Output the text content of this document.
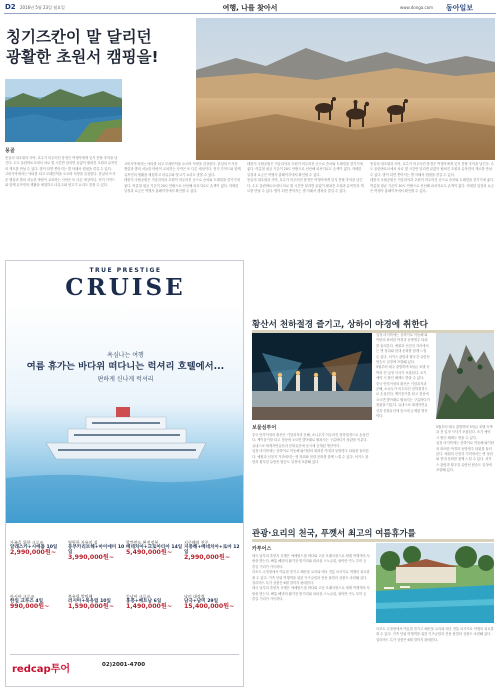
D2 2016년 5월 23일 월요일	여행, 나를 찾아서	www.donga.com 동아일보
칭기즈칸이 말 달리던
광활한 초원서 캠핑을!
몽골

몽골의 대초원과 사막, 호수가 어우러진 풍경은 여행자에게 잊지 못할 추억을 남긴다. 수도 울란바토르에서 차로 몇 시간만 달리면 끝없이 펼쳐진 초원과 유목민의 게르를 만날 수 있다. 밤이 되면 쏟아지는 별 아래서 캠핑을 즐길 수 있다.

고비사막에서는 낙타를 타고 모래언덕을 오르며 석양을 감상한다. 한낮의 뜨거운 햇살과 밤의 서늘한 바람이 교차하는 사막은 또 다른 세상이다. 현지 가이드와 함께 유목민의 생활을 체험하고 마유주와 양고기 요리도 맛볼 수 있다.

고비사막에서는 낙타를 타고 모래언덕을 오르며 석양을 감상한다. 한낮의 뜨거운 햇살과 밤의 서늘한 바람이 교차하는 사막은 또 다른 세상이다. 현지 가이드와 함께 유목민의 생활을 체험하고 마유주와 양고기 요리도 맛볼 수 있다.

테를지 국립공원은 기암괴석과 초원이 어우러진 곳으로 승마와 트레킹을 즐기기에 좋다. 여름철 평균 기온이 20도 안팎으로 선선해 피서지로도 손색이 없다. 자세한 일정과 요금은 여행사 홈페이지에서 확인할 수 있다.

테를지 국립공원은 기암괴석과 초원이 어우러진 곳으로 승마와 트레킹을 즐기기에 좋다. 여름철 평균 기온이 20도 안팎으로 선선해 피서지로도 손색이 없다. 자세한 일정과 요금은 여행사 홈페이지에서 확인할 수 있다.

몽골의 대초원과 사막, 호수가 어우러진 풍경은 여행자에게 잊지 못할 추억을 남긴다. 수도 울란바토르에서 차로 몇 시간만 달리면 끝없이 펼쳐진 초원과 유목민의 게르를 만날 수 있다. 밤이 되면 쏟아지는 별 아래서 캠핑을 즐길 수 있다.

몽골의 대초원과 사막, 호수가 어우러진 풍경은 여행자에게 잊지 못할 추억을 남긴다. 수도 울란바토르에서 차로 몇 시간만 달리면 끝없이 펼쳐진 초원과 유목민의 게르를 만날 수 있다. 밤이 되면 쏟아지는 별 아래서 캠핑을 즐길 수 있다.

테를지 국립공원은 기암괴석과 초원이 어우러진 곳으로 승마와 트레킹을 즐기기에 좋다. 여름철 평균 기온이 20도 안팎으로 선선해 피서지로도 손색이 없다. 자세한 일정과 요금은 여행사 홈페이지에서 확인할 수 있다.

TRUE PRESTIGE
CRUISE
욕심나는 여행
여름 휴가는 바다위 떠다니는 럭셔리 호텔에서...
편하게 신나게 럭셔리
가족을 위한 크루즈
알래스카+시애틀 10일
2,990,000원~
영원한 자유의 섬
동부카리브해+마이애미 10일
3,990,000원~
발칸반도 완전정복
베네치아+크로아티아 14일
5,490,000원~
지중해의 진주
지중해+베네치아+로마 12일
2,990,000원~
아시아 크루즈
한일 크루즈 4일
990,000원~
북유럽 발틱해
러시아+북유럽 10일
1,590,000원~
동남아 크루즈
홍콩+베트남 6일
1,490,000원~
남미 대장정
남극+남미 29일
15,400,000원~
redcap투어	02)2001-4700
황산서 천하절경 즐기고, 상하이 야경에 취한다
보물섬투어

중국 안후이성의 황산은 기암괴석과 운해, 소나무가 어우러진 천하절경으로 손꼽힌다. 케이블카를 타고 정상에 오르면 발아래로 펼쳐지는 구름바다가 장관을 이룬다. 유네스코 세계자연유산과 문화유산에 동시에 등재된 명산이다.

일정 마지막에는 상하이로 이동해 와이탄의 화려한 야경과 동방명주 타워를 둘러본다. 예원과 신천지 거리에서는 옛 정취와 현대 문화를 함께 느낄 수 있다. 서커스 관람과 황푸강 유람선 탑승도 일정에 포함돼 있다.

일정 마지막에는 상하이로 이동해 와이탄의 화려한 야경과 동방명주 타워를 둘러본다. 예원과 신천지 거리에서는 옛 정취와 현대 문화를 함께 느낄 수 있다. 서커스 관람과 황푸강 유람선 탑승도 일정에 포함돼 있다.

5월부터 매주 출발하며 5성급 호텔 숙박과 전 일정 식사가 포함된다. 조기 예약 시 할인 혜택도 받을 수 있다.

중국 안후이성의 황산은 기암괴석과 운해, 소나무가 어우러진 천하절경으로 손꼽힌다. 케이블카를 타고 정상에 오르면 발아래로 펼쳐지는 구름바다가 장관을 이룬다. 유네스코 세계자연유산과 문화유산에 동시에 등재된 명산이다.

5월부터 매주 출발하며 5성급 호텔 숙박과 전 일정 식사가 포함된다. 조기 예약 시 할인 혜택도 받을 수 있다.

일정 마지막에는 상하이로 이동해 와이탄의 화려한 야경과 동방명주 타워를 둘러본다. 예원과 신천지 거리에서는 옛 정취와 현대 문화를 함께 느낄 수 있다. 서커스 관람과 황푸강 유람선 탑승도 일정에 포함돼 있다.

관광·요리의 천국, 푸껫서 최고의 여름휴가를
카투어스

태국 남부의 휴양지 푸껫은 에메랄드빛 바다와 고운 모래사장으로 세계 여행객의 사랑을 받는다. 빠통 해변의 활기찬 밤거리와 피피섬 스노클링, 팡아만 카누 투어 등 즐길 거리가 가득하다.

리조트 수영장에서 여유를 즐기고 해산물 요리와 태국 전통 마사지로 여행의 피로를 풀 수 있다. 가족 단위 여행객을 위한 키즈클럽과 전용 풀빌라 상품도 마련돼 있다. 얼리버드 특가 상품은 6월 말까지 판매한다.

태국 남부의 휴양지 푸껫은 에메랄드빛 바다와 고운 모래사장으로 세계 여행객의 사랑을 받는다. 빠통 해변의 활기찬 밤거리와 피피섬 스노클링, 팡아만 카누 투어 등 즐길 거리가 가득하다.

리조트 수영장에서 여유를 즐기고 해산물 요리와 태국 전통 마사지로 여행의 피로를 풀 수 있다. 가족 단위 여행객을 위한 키즈클럽과 전용 풀빌라 상품도 마련돼 있다. 얼리버드 특가 상품은 6월 말까지 판매한다.
